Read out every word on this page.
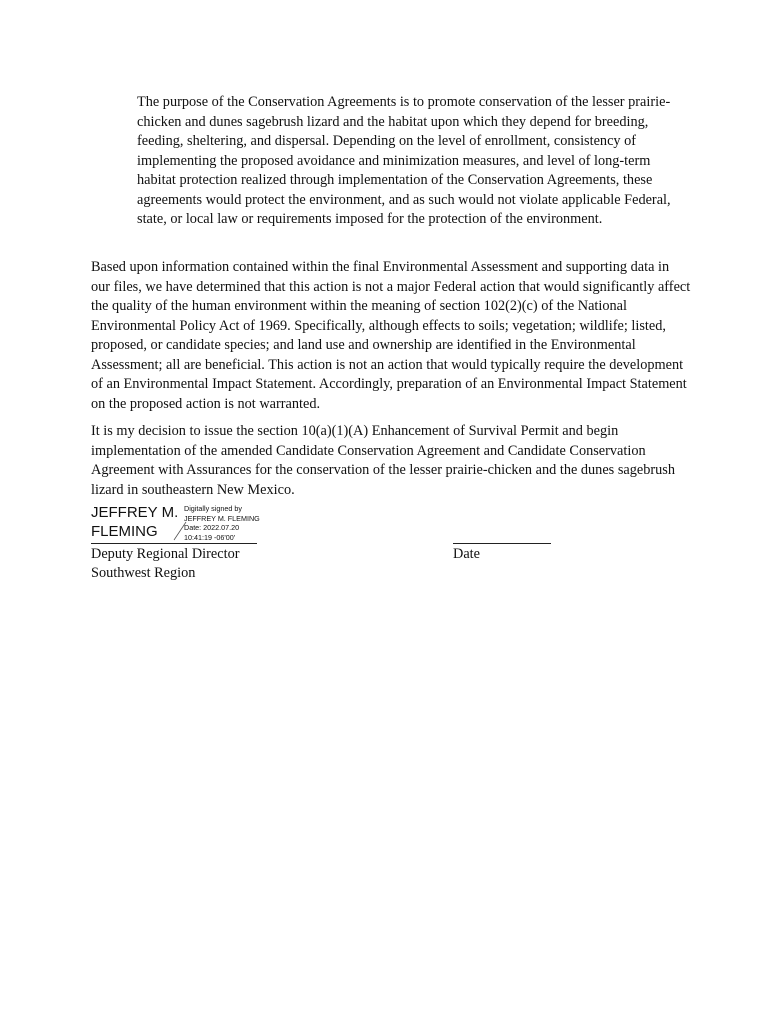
The purpose of the Conservation Agreements is to promote conservation of the lesser prairie-chicken and dunes sagebrush lizard and the habitat upon which they depend for breeding, feeding, sheltering, and dispersal. Depending on the level of enrollment, consistency of implementing the proposed avoidance and minimization measures, and level of long-term habitat protection realized through implementation of the Conservation Agreements, these agreements would protect the environment, and as such would not violate applicable Federal, state, or local law or requirements imposed for the protection of the environment.

Based upon information contained within the final Environmental Assessment and supporting data in our files, we have determined that this action is not a major Federal action that would significantly affect the quality of the human environment within the meaning of section 102(2)(c) of the National Environmental Policy Act of 1969. Specifically, although effects to soils; vegetation; wildlife; listed, proposed, or candidate species; and land use and ownership are identified in the Environmental Assessment; all are beneficial. This action is not an action that would typically require the development of an Environmental Impact Statement. Accordingly, preparation of an Environmental Impact Statement on the proposed action is not warranted.

It is my decision to issue the section 10(a)(1)(A) Enhancement of Survival Permit and begin implementation of the amended Candidate Conservation Agreement and Candidate Conservation Agreement with Assurances for the conservation of the lesser prairie-chicken and the dunes sagebrush lizard in southeastern New Mexico.

JEFFREY M.
FLEMING
Digitally signed by
JEFFREY M. FLEMING
Date: 2022.07.20
10:41:19 -06'00'
Deputy Regional Director
Southwest Region
Date
